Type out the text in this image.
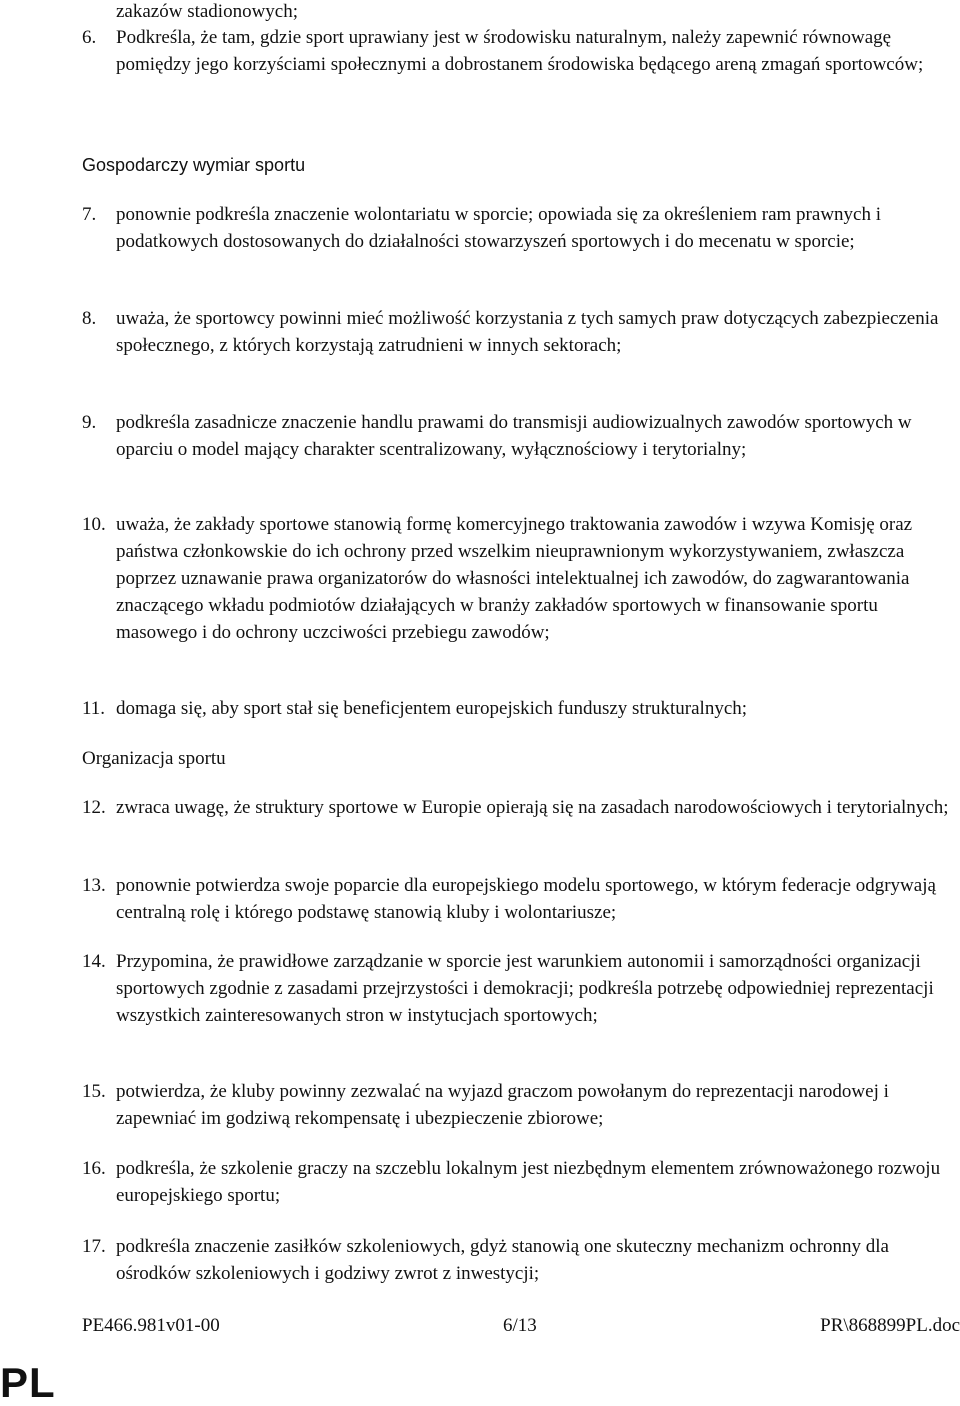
zakazów stadionowych;

6.	Podkreśla, że tam, gdzie sport uprawiany jest w środowisku naturalnym, należy zapewnić równowagę pomiędzy jego korzyściami społecznymi a dobrostanem środowiska będącego areną zmagań sportowców;
Gospodarczy wymiar sportu
7.	ponownie podkreśla znaczenie wolontariatu w sporcie; opowiada się za określeniem ram prawnych i podatkowych dostosowanych do działalności stowarzyszeń sportowych i do mecenatu w sporcie;
8.	uważa, że sportowcy powinni mieć możliwość korzystania z tych samych praw dotyczących zabezpieczenia społecznego, z których korzystają zatrudnieni w innych sektorach;
9.	podkreśla zasadnicze znaczenie handlu prawami do transmisji audiowizualnych zawodów sportowych w oparciu o model mający charakter scentralizowany, wyłącznościowy i terytorialny;
10. uważa, że zakłady sportowe stanowią formę komercyjnego traktowania zawodów i wzywa Komisję oraz państwa członkowskie do ich ochrony przed wszelkim nieuprawnionym wykorzystywaniem, zwłaszcza poprzez uznawanie prawa organizatorów do własności intelektualnej ich zawodów, do zagwarantowania znaczącego wkładu podmiotów działających w branży zakładów sportowych w finansowanie sportu masowego i do ochrony uczciwości przebiegu zawodów;
11. domaga się, aby sport stał się beneficjentem europejskich funduszy strukturalnych;
Organizacja sportu
12. zwraca uwagę, że struktury sportowe w Europie opierają się na zasadach narodowościowych i terytorialnych;
13. ponownie potwierdza swoje poparcie dla europejskiego modelu sportowego, w którym federacje odgrywają centralną rolę i którego podstawę stanowią kluby i wolontariusze;
14. Przypomina, że prawidłowe zarządzanie w sporcie jest warunkiem autonomii i samorządności organizacji sportowych zgodnie z zasadami przejrzystości i demokracji; podkreśla potrzebę odpowiedniej reprezentacji wszystkich zainteresowanych stron w instytucjach sportowych;
15. potwierdza, że kluby powinny zezwalać na wyjazd graczom powołanym do reprezentacji narodowej i zapewniać im godziwą rekompensatę i ubezpieczenie zbiorowe;
16. podkreśla, że szkolenie graczy na szczeblu lokalnym jest niezbędnym elementem zrównoważonego rozwoju europejskiego sportu;
17. podkreśla znaczenie zasiłków szkoleniowych, gdyż stanowią one skuteczny mechanizm ochronny dla ośrodków szkoleniowych i godziwy zwrot z inwestycji;
PE466.981v01-00	6/13	PR\868899PL.doc
PL
